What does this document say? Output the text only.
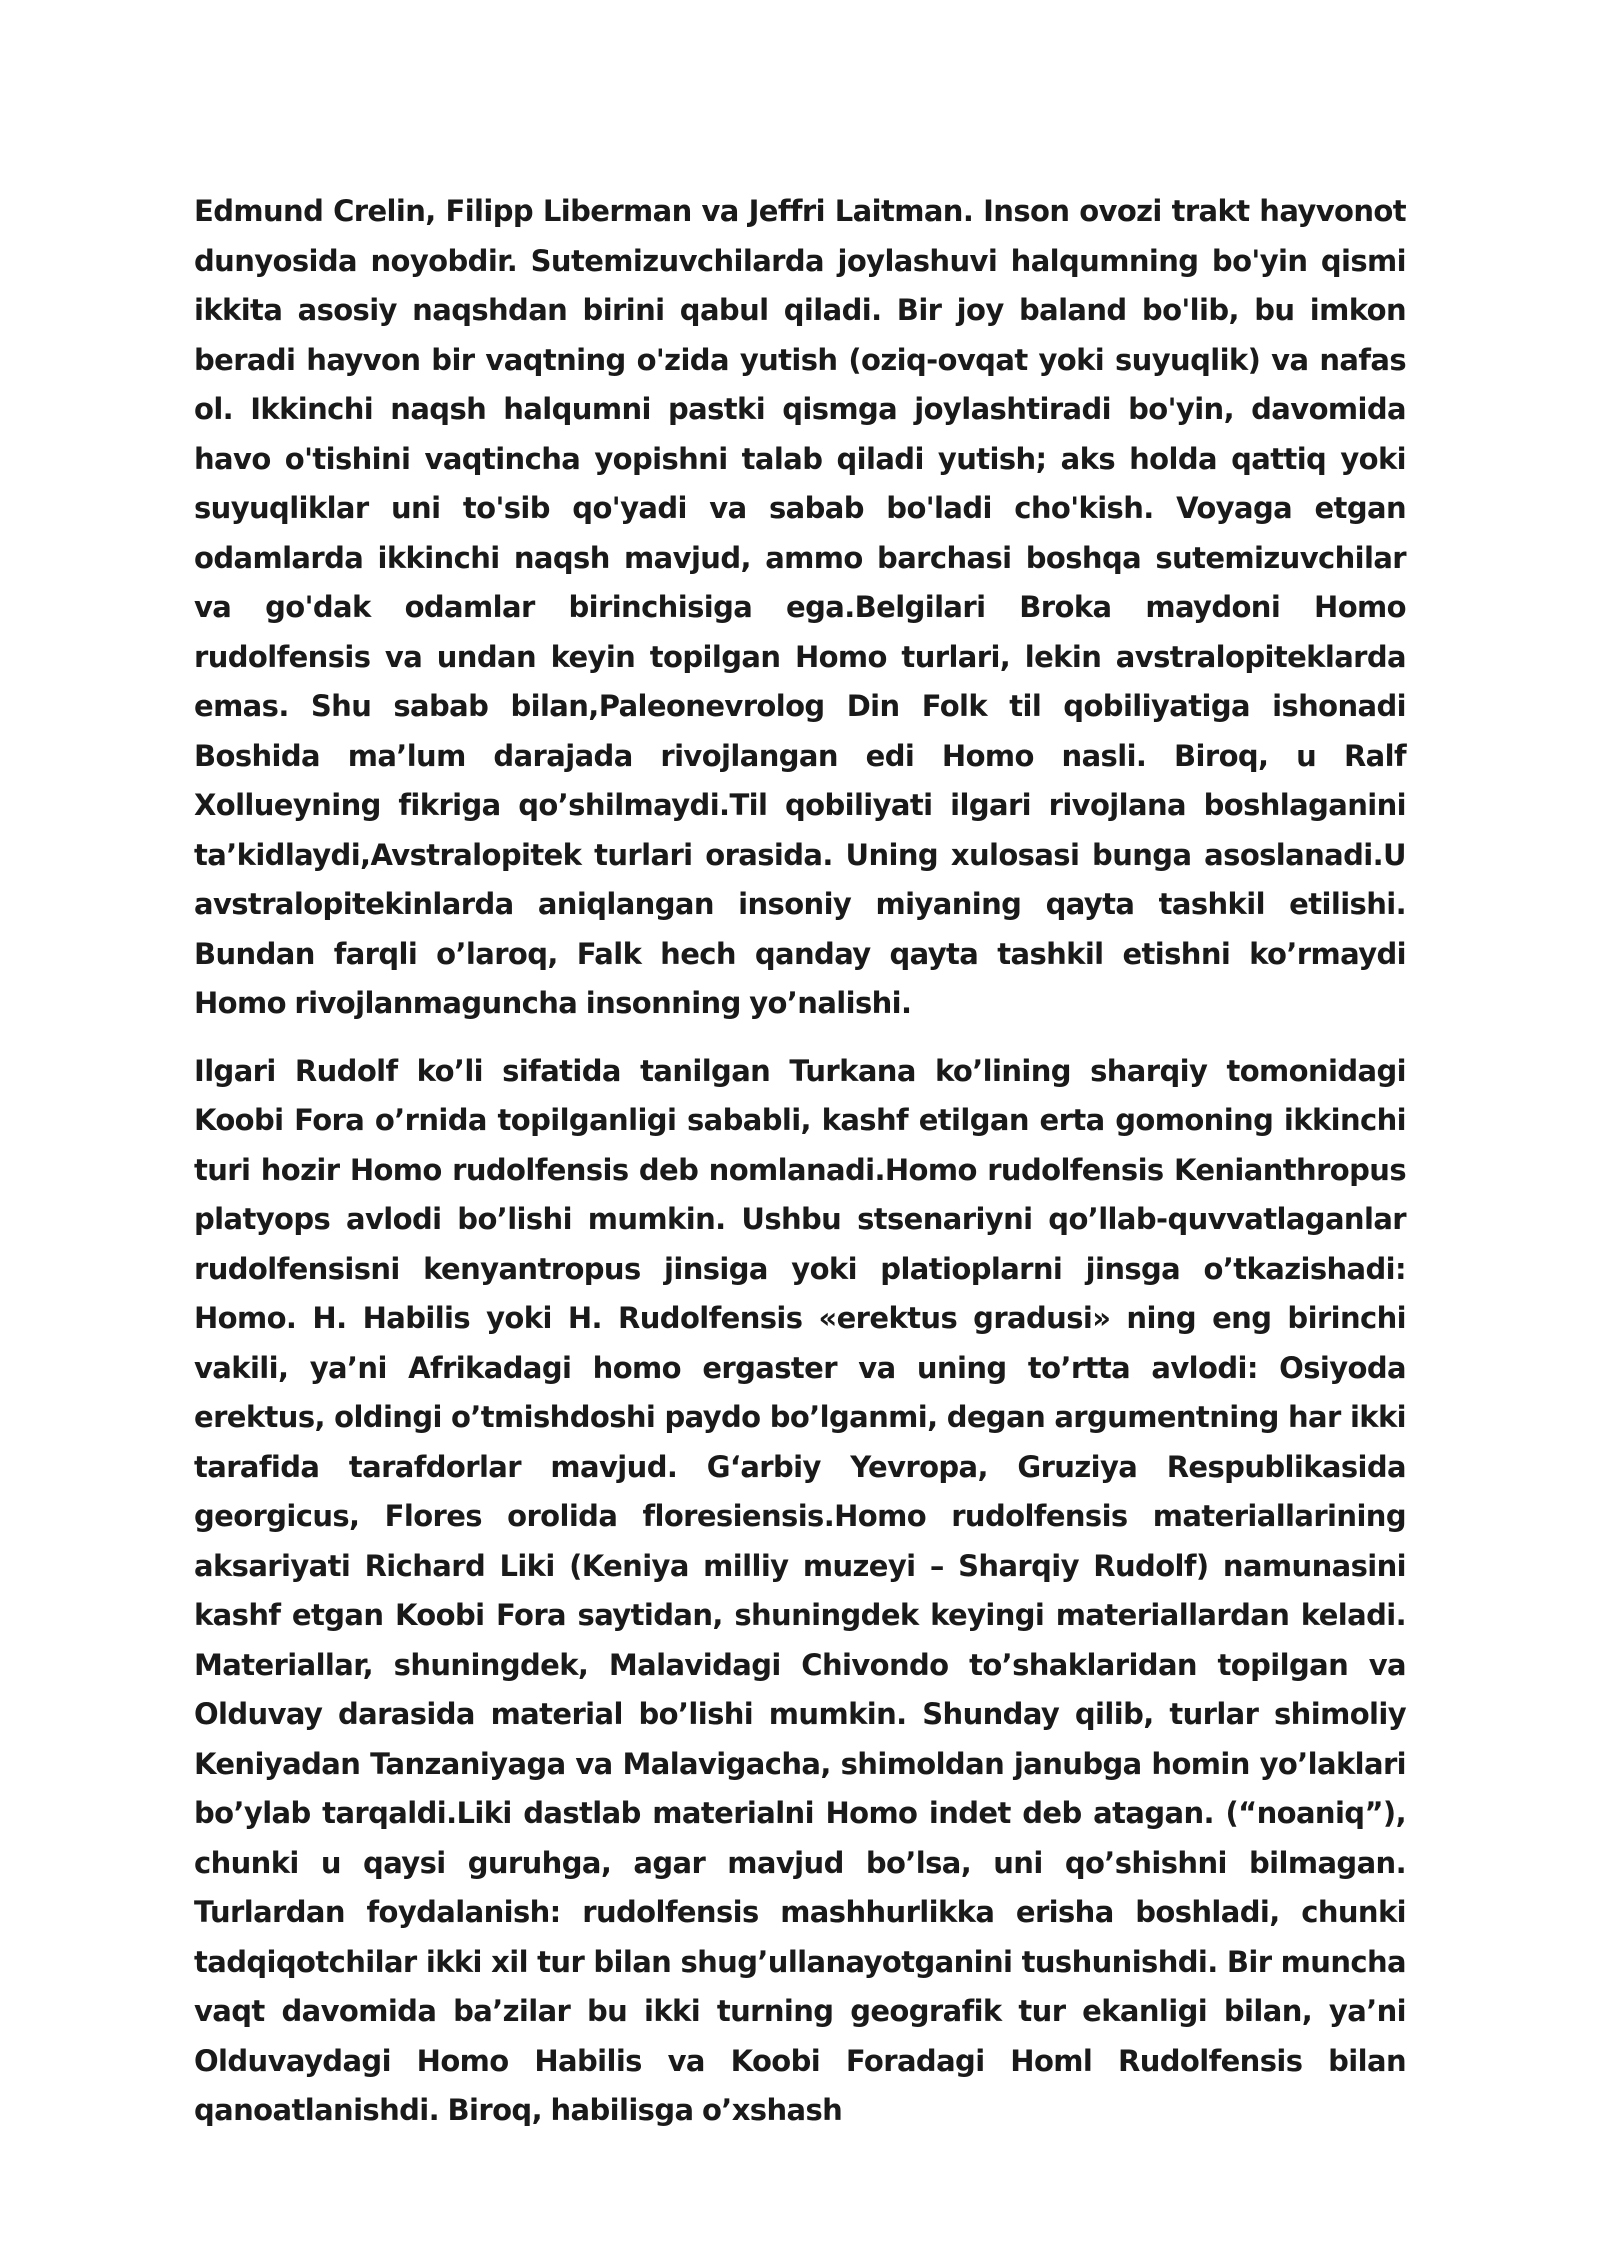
Edmund Crelin, Filipp Liberman va Jeffri Laitman. Inson ovozi trakt hayvonot dunyosida noyobdir. Sutemizuvchilarda joylashuvi halqumning bo'yin qismi ikkita asosiy naqshdan birini qabul qiladi. Bir joy baland bo'lib, bu imkon beradi hayvon bir vaqtning o'zida yutish (oziq-ovqat yoki suyuqlik) va nafas ol. Ikkinchi naqsh halqumni pastki qismga joylashtiradi bo'yin, davomida havo o'tishini vaqtincha yopishni talab qiladi yutish; aks holda qattiq yoki suyuqliklar uni to'sib qo'yadi va sabab bo'ladi cho'kish. Voyaga etgan odamlarda ikkinchi naqsh mavjud, ammo barchasi boshqa sutemizuvchilar va go'dak odamlar birinchisiga ega.Belgilari Broka maydoni Homo rudolfensis va undan keyin topilgan Homo turlari, lekin avstralopiteklarda emas. Shu sabab bilan,Paleonevrolog Din Folk til qobiliyatiga ishonadi Boshida ma’lum darajada rivojlangan edi Homo nasli. Biroq, u Ralf Xollueyning fikriga qo’shilmaydi.Til qobiliyati ilgari rivojlana boshlaganini ta’kidlaydi,Avstralopitek turlari orasida. Uning xulosasi bunga asoslanadi.U avstralopitekinlarda aniqlangan insoniy miyaning qayta tashkil etilishi. Bundan farqli o’laroq, Falk hech qanday qayta tashkil etishni ko’rmaydi Homo rivojlanmaguncha insonning yo’nalishi.

Ilgari Rudolf ko’li sifatida tanilgan Turkana ko’lining sharqiy tomonidagi Koobi Fora o’rnida topilganligi sababli, kashf etilgan erta gomoning ikkinchi turi hozir Homo rudolfensis deb nomlanadi.Homo rudolfensis Kenianthropus platyops avlodi bo’lishi mumkin. Ushbu stsenariyni qo’llab-quvvatlaganlar rudolfensisni kenyantropus jinsiga yoki platioplarni jinsga o’tkazishadi: Homo. H. Habilis yoki H. Rudolfensis «erektus gradusi» ning eng birinchi vakili, ya’ni Afrikadagi homo ergaster va uning to’rtta avlodi: Osiyoda erektus, oldingi o’tmishdoshi paydo bo’lganmi, degan argumentning har ikki tarafida tarafdorlar mavjud. G‘arbiy Yevropa, Gruziya Respublikasida georgicus, Flores orolida floresiensis.Homo rudolfensis materiallarining aksariyati Richard Liki (Keniya milliy muzeyi – Sharqiy Rudolf) namunasini kashf etgan Koobi Fora saytidan, shuningdek keyingi materiallardan keladi. Materiallar, shuningdek, Malavidagi Chivondo to’shaklaridan topilgan va Olduvay darasida material bo’lishi mumkin. Shunday qilib, turlar shimoliy Keniyadan Tanzaniyaga va Malavigacha, shimoldan janubga homin yo’laklari bo’ylab tarqaldi.Liki dastlab materialni Homo indet deb atagan. (“noaniq”), chunki u qaysi guruhga, agar mavjud bo’lsa, uni qo’shishni bilmagan. Turlardan foydalanish: rudolfensis mashhurlikka erisha boshladi, chunki tadqiqotchilar ikki xil tur bilan shug’ullanayotganini tushunishdi. Bir muncha vaqt davomida ba’zilar bu ikki turning geografik tur ekanligi bilan, ya’ni Olduvaydagi Homo Habilis va Koobi Foradagi Homl Rudolfensis bilan qanoatlanishdi. Biroq, habilisga o’xshash
